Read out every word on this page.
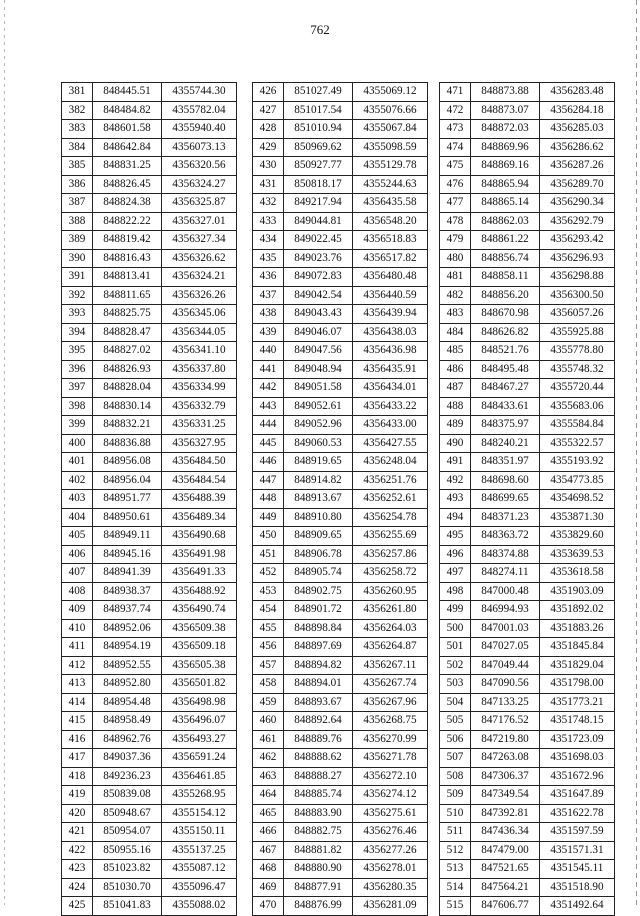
762
381	848445.51	4355744.30
382	848484.82	4355782.04
383	848601.58	4355940.40
384	848642.84	4356073.13
385	848831.25	4356320.56
386	848826.45	4356324.27
387	848824.38	4356325.87
388	848822.22	4356327.01
389	848819.42	4356327.34
390	848816.43	4356326.62
391	848813.41	4356324.21
392	848811.65	4356326.26
393	848825.75	4356345.06
394	848828.47	4356344.05
395	848827.02	4356341.10
396	848826.93	4356337.80
397	848828.04	4356334.99
398	848830.14	4356332.79
399	848832.21	4356331.25
400	848836.88	4356327.95
401	848956.08	4356484.50
402	848956.04	4356484.54
403	848951.77	4356488.39
404	848950.61	4356489.34
405	848949.11	4356490.68
406	848945.16	4356491.98
407	848941.39	4356491.33
408	848938.37	4356488.92
409	848937.74	4356490.74
410	848952.06	4356509.38
411	848954.19	4356509.18
412	848952.55	4356505.38
413	848952.80	4356501.82
414	848954.48	4356498.98
415	848958.49	4356496.07
416	848962.76	4356493.27
417	849037.36	4356591.24
418	849236.23	4356461.85
419	850839.08	4355268.95
420	850948.67	4355154.12
421	850954.07	4355150.11
422	850955.16	4355137.25
423	851023.82	4355087.12
424	851030.70	4355096.47
425	851041.83	4355088.02
426	851027.49	4355069.12
427	851017.54	4355076.66
428	851010.94	4355067.84
429	850969.62	4355098.59
430	850927.77	4355129.78
431	850818.17	4355244.63
432	849217.94	4356435.58
433	849044.81	4356548.20
434	849022.45	4356518.83
435	849023.76	4356517.82
436	849072.83	4356480.48
437	849042.54	4356440.59
438	849043.43	4356439.94
439	849046.07	4356438.03
440	849047.56	4356436.98
441	849048.94	4356435.91
442	849051.58	4356434.01
443	849052.61	4356433.22
444	849052.96	4356433.00
445	849060.53	4356427.55
446	848919.65	4356248.04
447	848914.82	4356251.76
448	848913.67	4356252.61
449	848910.80	4356254.78
450	848909.65	4356255.69
451	848906.78	4356257.86
452	848905.74	4356258.72
453	848902.75	4356260.95
454	848901.72	4356261.80
455	848898.84	4356264.03
456	848897.69	4356264.87
457	848894.82	4356267.11
458	848894.01	4356267.74
459	848893.67	4356267.96
460	848892.64	4356268.75
461	848889.76	4356270.99
462	848888.62	4356271.78
463	848888.27	4356272.10
464	848885.74	4356274.12
465	848883.90	4356275.61
466	848882.75	4356276.46
467	848881.82	4356277.26
468	848880.90	4356278.01
469	848877.91	4356280.35
470	848876.99	4356281.09
471	848873.88	4356283.48
472	848873.07	4356284.18
473	848872.03	4356285.03
474	848869.96	4356286.62
475	848869.16	4356287.26
476	848865.94	4356289.70
477	848865.14	4356290.34
478	848862.03	4356292.79
479	848861.22	4356293.42
480	848856.74	4356296.93
481	848858.11	4356298.88
482	848856.20	4356300.50
483	848670.98	4356057.26
484	848626.82	4355925.88
485	848521.76	4355778.80
486	848495.48	4355748.32
487	848467.27	4355720.44
488	848433.61	4355683.06
489	848375.97	4355584.84
490	848240.21	4355322.57
491	848351.97	4355193.92
492	848698.60	4354773.85
493	848699.65	4354698.52
494	848371.23	4353871.30
495	848363.72	4353829.60
496	848374.88	4353639.53
497	848274.11	4353618.58
498	847000.48	4351903.09
499	846994.93	4351892.02
500	847001.03	4351883.26
501	847027.05	4351845.84
502	847049.44	4351829.04
503	847090.56	4351798.00
504	847133.25	4351773.21
505	847176.52	4351748.15
506	847219.80	4351723.09
507	847263.08	4351698.03
508	847306.37	4351672.96
509	847349.54	4351647.89
510	847392.81	4351622.78
511	847436.34	4351597.59
512	847479.00	4351571.31
513	847521.65	4351545.11
514	847564.21	4351518.90
515	847606.77	4351492.64
